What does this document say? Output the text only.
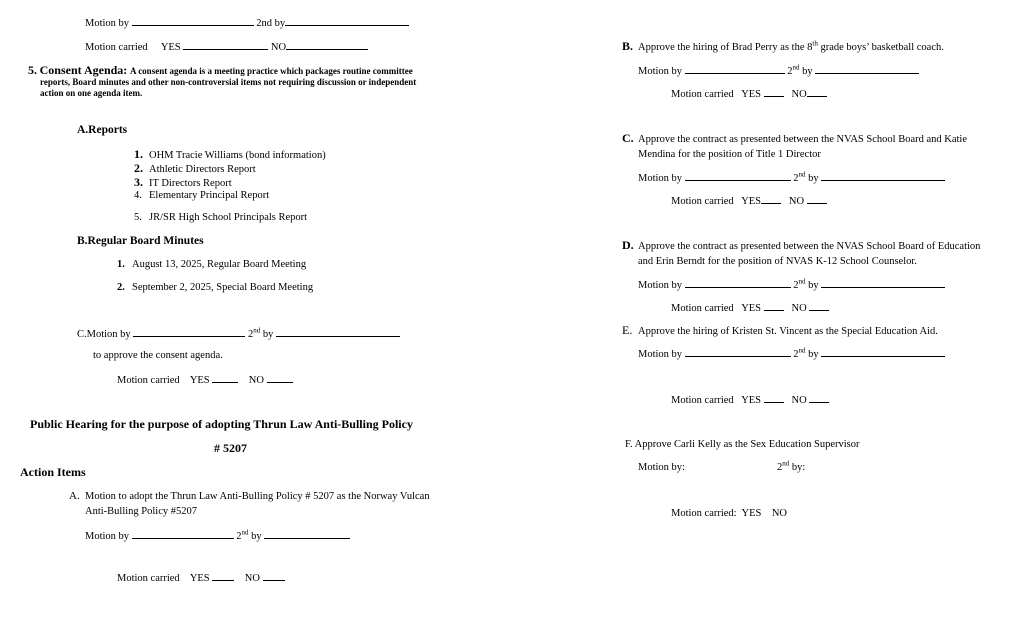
Motion by	2nd by
Motion carried YES	NO
5. Consent Agenda: A consent agenda is a meeting practice which packages routine committee
reports, Board minutes and other non-controversial items not requiring discussion or independent
action on one agenda item.
A.Reports
1. OHM Tracie Williams (bond information)
2. Athletic Directors Report
3. IT Directors Report
4. Elementary Principal Report
5. JR/SR High School Principals Report
B.Regular Board Minutes
1. August 13, 2025, Regular Board Meeting
2. September 2, 2025, Special Board Meeting
C.Motion by	2nd by
to approve the consent agenda.
Motion carried YES	NO
Public Hearing for the purpose of adopting Thrun Law Anti-Bulling Policy
# 5207
Action Items
A. Motion to adopt the Thrun Law Anti-Bulling Policy # 5207 as the Norway Vulcan
Anti-Bulling Policy #5207
Motion by	2nd by
Motion carried YES	NO
B. Approve the hiring of Brad Perry as the 8th grade boys’ basketball coach.
Motion by	2nd by
Motion carried YES	NO
C. Approve the contract as presented between the NVAS School Board and Katie
Mendina for the position of Title 1 Director
Motion by	2nd by
Motion carried YES	NO
D. Approve the contract as presented between the NVAS School Board of Education
and Erin Berndt for the position of NVAS K-12 School Counselor.
Motion by	2nd by
Motion carried YES	NO
E. Approve the hiring of Kristen St. Vincent as the Special Education Aid.
Motion by	2nd by
Motion carried YES	NO
F. Approve Carli Kelly as the Sex Education Supervisor
Motion by:	2nd by:
Motion carried: YES NO
